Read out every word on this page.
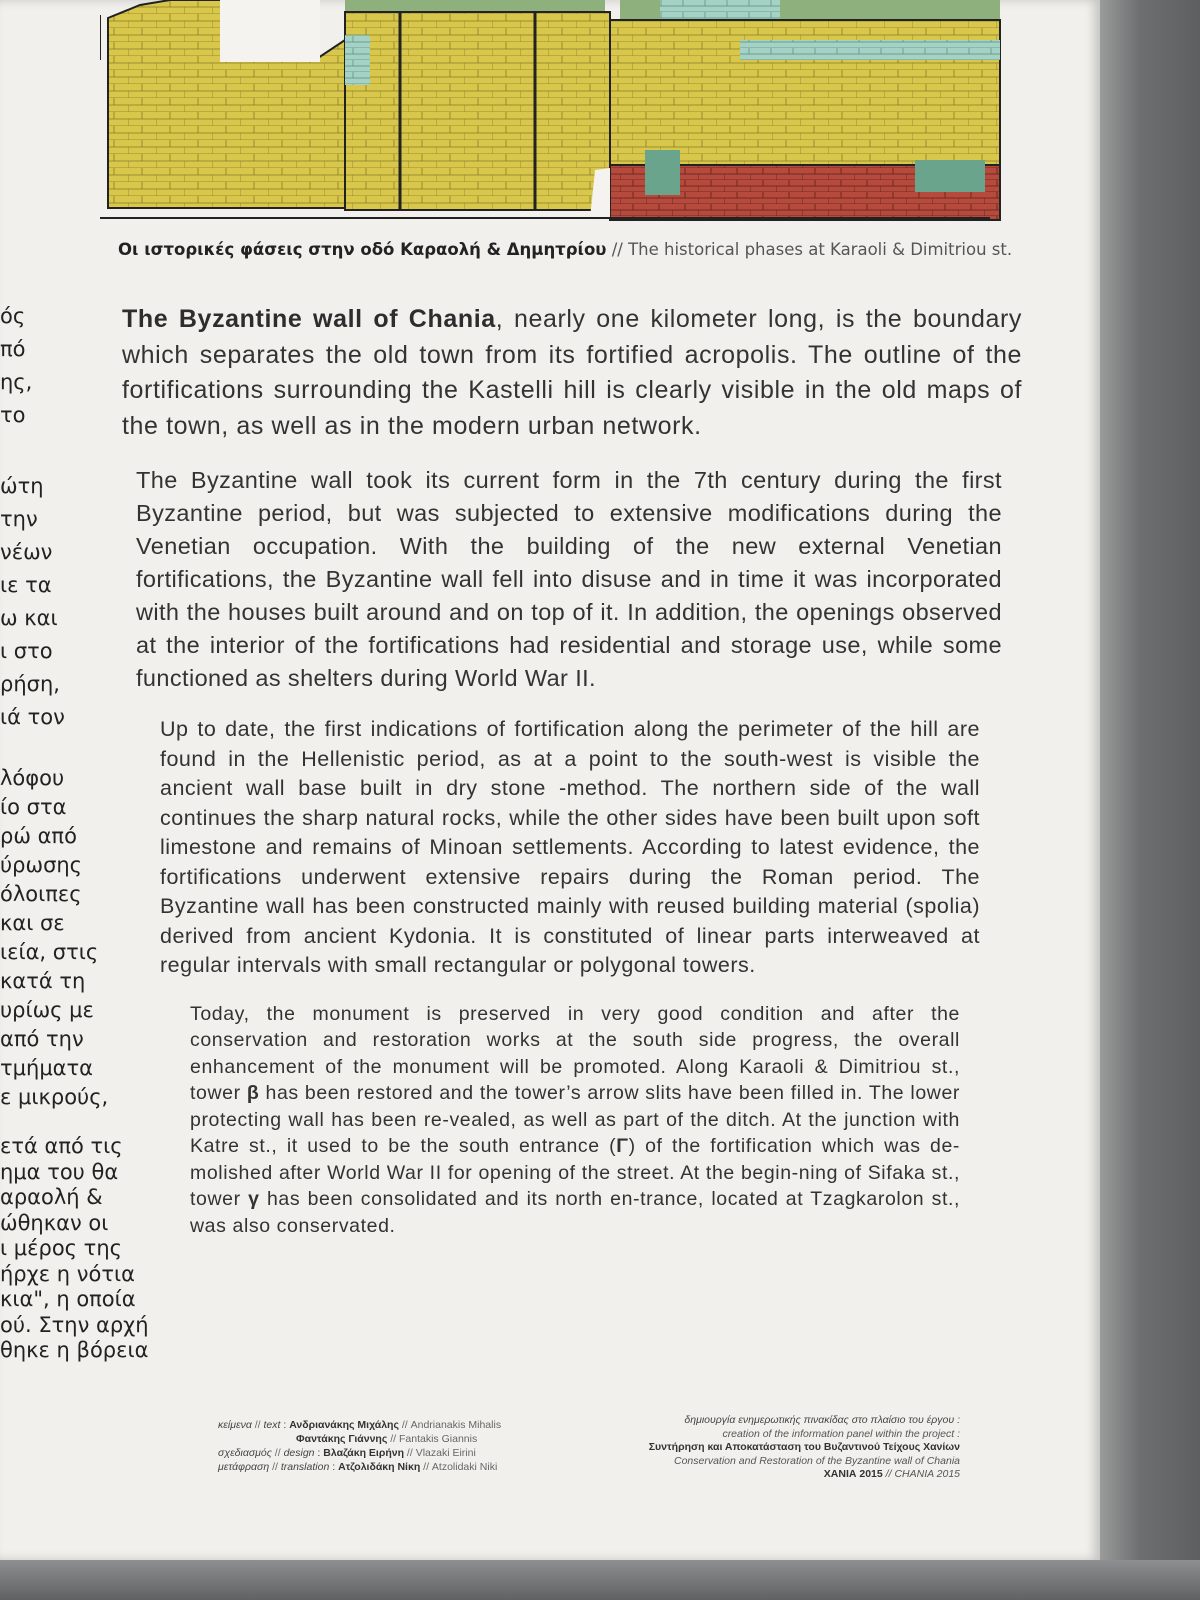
Οι ιστορικές φάσεις στην οδό Καραολή & Δημητρίου // The historical phases at Karaoli & Dimitriou st.

ός

πό

ης,

το

ώτη

την

νέων

ιε τα

ω και

ι στο

ρήση,

ιά τον

λόφου

ίο στα

ρώ από

ύρωσης

όλοιπες

και σε

ιεία, στις

κατά τη

υρίως με

από την

τμήματα

ε μικρούς,

ετά από τις

ημα του θα

αραολή &

ώθηκαν οι

ι μέρος της

ήρχε η νότια

κια", η οποία

ού. Στην αρχή

θηκε η βόρεια

The Byzantine wall of Chania, nearly one kilometer long, is the boundary which separates the old town from its fortified acropolis. The outline of the fortifications surrounding the Kastelli hill is clearly visible in the old maps of the town, as well as in the modern urban network.

The Byzantine wall took its current form in the 7th century during the first Byzantine period, but was subjected to extensive modifications during the Venetian occupation. With the building of the new external Venetian fortifications, the Byzantine wall fell into disuse and in time it was incorporated with the houses built around and on top of it. In addition, the openings observed at the interior of the fortifications had residential and storage use, while some functioned as shelters during World War II.

Up to date, the first indications of fortification along the perimeter of the hill are found in the Hellenistic period, as at a point to the south-west is visible the ancient wall base built in dry stone -method. The northern side of the wall continues the sharp natural rocks, while the other sides have been built upon soft limestone and remains of Minoan settlements. According to latest evidence, the fortifications underwent extensive repairs during the Roman period. The Byzantine wall has been constructed mainly with reused building material (spolia) derived from ancient Kydonia. It is constituted of linear parts interweaved at regular intervals with small rectangular or polygonal towers.

Today, the monument is preserved in very good condition and after the conservation and restoration works at the south side progress, the overall enhancement of the monument will be promoted. Along Karaoli & Dimitriou st., tower β has been restored and the tower’s arrow slits have been filled in. The lower protecting wall has been re-vealed, as well as part of the ditch. At the junction with Katre st., it used to be the south entrance (Γ) of the fortification which was de-molished after World War II for opening of the street. At the begin-ning of Sifaka st., tower γ has been consolidated and its north en-trance, located at Tzagkarolon st., was also conservated.

κείμενα // text : Ανδριανάκης Μιχάλης // Andrianakis Mihalis
Φαντάκης Γιάννης // Fantakis Giannis
σχεδιασμός // design : Βλαζάκη Ειρήνη // Vlazaki Eirini
μετάφραση // translation : Ατζολιδάκη Νίκη // Atzolidaki Niki
δημιουργία ενημερωτικής πινακίδας στο πλαίσιο του έργου :
creation of the information panel within the project :
Συντήρηση και Αποκατάσταση του Βυζαντινού Τείχους Χανίων
Conservation and Restoration of the Byzantine wall of Chania
ΧΑΝΙΑ 2015 // CHANIA 2015
